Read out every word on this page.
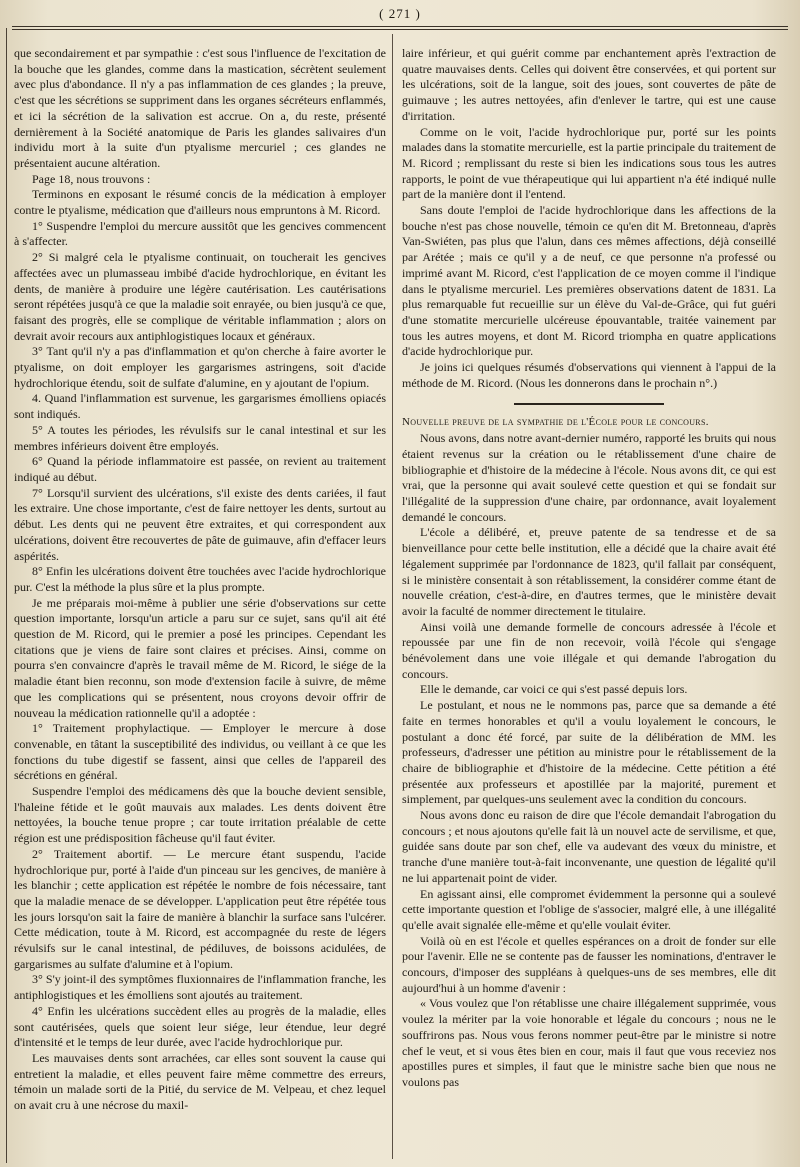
( 271 )

que secondairement et par sympathie : c'est sous l'influence de l'excitation de la bouche que les glandes, comme dans la mastication, sécrètent seulement avec plus d'abondance. Il n'y a pas inflammation de ces glandes ; la preuve, c'est que les sécrétions se suppriment dans les organes sécréteurs enflammés, et ici la sécrétion de la salivation est accrue. On a, du reste, présenté dernièrement à la Société anatomique de Paris les glandes salivaires d'un individu mort à la suite d'un ptyalisme mercuriel ; ces glandes ne présentaient aucune altération.

Page 18, nous trouvons :

Terminons en exposant le résumé concis de la médication à employer contre le ptyalisme, médication que d'ailleurs nous empruntons à M. Ricord.

1° Suspendre l'emploi du mercure aussitôt que les gencives commencent à s'affecter.

2° Si malgré cela le ptyalisme continuait, on toucherait les gencives affectées avec un plumasseau imbibé d'acide hydrochlorique, en évitant les dents, de manière à produire une légère cautérisation. Les cautérisations seront répétées jusqu'à ce que la maladie soit enrayée, ou bien jusqu'à ce que, faisant des progrès, elle se complique de véritable inflammation ; alors on devrait avoir recours aux antiphlogistiques locaux et généraux.

3° Tant qu'il n'y a pas d'inflammation et qu'on cherche à faire avorter le ptyalisme, on doit employer les gargarismes astringens, soit d'acide hydrochlorique étendu, soit de sulfate d'alumine, en y ajoutant de l'opium.

4. Quand l'inflammation est survenue, les gargarismes émolliens opiacés sont indiqués.

5° A toutes les périodes, les révulsifs sur le canal intestinal et sur les membres inférieurs doivent être employés.

6° Quand la période inflammatoire est passée, on revient au traitement indiqué au début.

7° Lorsqu'il survient des ulcérations, s'il existe des dents cariées, il faut les extraire. Une chose importante, c'est de faire nettoyer les dents, surtout au début. Les dents qui ne peuvent être extraites, et qui correspondent aux ulcérations, doivent être recouvertes de pâte de guimauve, afin d'effacer leurs aspérités.

8° Enfin les ulcérations doivent être touchées avec l'acide hydrochlorique pur. C'est la méthode la plus sûre et la plus prompte.

Je me préparais moi-même à publier une série d'observations sur cette question importante, lorsqu'un article a paru sur ce sujet, sans qu'il ait été question de M. Ricord, qui le premier a posé les principes. Cependant les citations que je viens de faire sont claires et précises. Ainsi, comme on pourra s'en convaincre d'après le travail même de M. Ricord, le siége de la maladie étant bien reconnu, son mode d'extension facile à suivre, de même que les complications qui se présentent, nous croyons devoir offrir de nouveau la médication rationnelle qu'il a adoptée :

1° Traitement prophylactique. — Employer le mercure à dose convenable, en tâtant la susceptibilité des individus, ou veillant à ce que les fonctions du tube digestif se fassent, ainsi que celles de l'appareil des sécrétions en général.

Suspendre l'emploi des médicamens dès que la bouche devient sensible, l'haleine fétide et le goût mauvais aux malades. Les dents doivent être nettoyées, la bouche tenue propre ; car toute irritation préalable de cette région est une prédisposition fâcheuse qu'il faut éviter.

2° Traitement abortif. — Le mercure étant suspendu, l'acide hydrochlorique pur, porté à l'aide d'un pinceau sur les gencives, de manière à les blanchir ; cette application est répétée le nombre de fois nécessaire, tant que la maladie menace de se développer. L'application peut être répétée tous les jours lorsqu'on sait la faire de manière à blanchir la surface sans l'ulcérer. Cette médication, toute à M. Ricord, est accompagnée du reste de légers révulsifs sur le canal intestinal, de pédiluves, de boissons acidulées, de gargarismes au sulfate d'alumine et à l'opium.

3° S'y joint-il des symptômes fluxionnaires de l'inflammation franche, les antiphlogistiques et les émolliens sont ajoutés au traitement.

4° Enfin les ulcérations succèdent elles au progrès de la maladie, elles sont cautérisées, quels que soient leur siége, leur étendue, leur degré d'intensité et le temps de leur durée, avec l'acide hydrochlorique pur.

Les mauvaises dents sont arrachées, car elles sont souvent la cause qui entretient la maladie, et elles peuvent faire même commettre des erreurs, témoin un malade sorti de la Pitié, du service de M. Velpeau, et chez lequel on avait cru à une nécrose du maxil-

laire inférieur, et qui guérit comme par enchantement après l'extraction de quatre mauvaises dents. Celles qui doivent être conservées, et qui portent sur les ulcérations, soit de la langue, soit des joues, sont couvertes de pâte de guimauve ; les autres nettoyées, afin d'enlever le tartre, qui est une cause d'irritation.

Comme on le voit, l'acide hydrochlorique pur, porté sur les points malades dans la stomatite mercurielle, est la partie principale du traitement de M. Ricord ; remplissant du reste si bien les indications sous tous les autres rapports, le point de vue thérapeutique qui lui appartient n'a été indiqué nulle part de la manière dont il l'entend.

Sans doute l'emploi de l'acide hydrochlorique dans les affections de la bouche n'est pas chose nouvelle, témoin ce qu'en dit M. Bretonneau, d'après Van-Swiéten, pas plus que l'alun, dans ces mêmes affections, déjà conseillé par Arétée ; mais ce qu'il y a de neuf, ce que personne n'a professé ou imprimé avant M. Ricord, c'est l'application de ce moyen comme il l'indique dans le ptyalisme mercuriel. Les premières observations datent de 1831. La plus remarquable fut recueillie sur un élève du Val-de-Grâce, qui fut guéri d'une stomatite mercurielle ulcéreuse épouvantable, traitée vainement par tous les autres moyens, et dont M. Ricord triompha en quatre applications d'acide hydrochlorique pur.

Je joins ici quelques résumés d'observations qui viennent à l'appui de la méthode de M. Ricord. (Nous les donnerons dans le prochain n°.)

Nouvelle preuve de la sympathie de l'École pour le concours.

Nous avons, dans notre avant-dernier numéro, rapporté les bruits qui nous étaient revenus sur la création ou le rétablissement d'une chaire de bibliographie et d'histoire de la médecine à l'école. Nous avons dit, ce qui est vrai, que la personne qui avait soulevé cette question et qui se fondait sur l'illégalité de la suppression d'une chaire, par ordonnance, avait loyalement demandé le concours.

L'école a délibéré, et, preuve patente de sa tendresse et de sa bienveillance pour cette belle institution, elle a décidé que la chaire avait été légalement supprimée par l'ordonnance de 1823, qu'il fallait par conséquent, si le ministère consentait à son rétablissement, la considérer comme étant de nouvelle création, c'est-à-dire, en d'autres termes, que le ministère devait avoir la faculté de nommer directement le titulaire.

Ainsi voilà une demande formelle de concours adressée à l'école et repoussée par une fin de non recevoir, voilà l'école qui s'engage bénévolement dans une voie illégale et qui demande l'abrogation du concours.

Elle le demande, car voici ce qui s'est passé depuis lors.

Le postulant, et nous ne le nommons pas, parce que sa demande a été faite en termes honorables et qu'il a voulu loyalement le concours, le postulant a donc été forcé, par suite de la délibération de MM. les professeurs, d'adresser une pétition au ministre pour le rétablissement de la chaire de bibliographie et d'histoire de la médecine. Cette pétition a été présentée aux professeurs et apostillée par la majorité, purement et simplement, par quelques-uns seulement avec la condition du concours.

Nous avons donc eu raison de dire que l'école demandait l'abrogation du concours ; et nous ajoutons qu'elle fait là un nouvel acte de servilisme, et que, guidée sans doute par son chef, elle va audevant des vœux du ministre, et tranche d'une manière tout-à-fait inconvenante, une question de légalité qu'il ne lui appartenait point de vider.

En agissant ainsi, elle compromet évidemment la personne qui a soulevé cette importante question et l'oblige de s'associer, malgré elle, à une illégalité qu'elle avait signalée elle-même et qu'elle voulait éviter.

Voilà où en est l'école et quelles espérances on a droit de fonder sur elle pour l'avenir. Elle ne se contente pas de fausser les nominations, d'entraver le concours, d'imposer des suppléans à quelques-uns de ses membres, elle dit aujourd'hui à un homme d'avenir :

« Vous voulez que l'on rétablisse une chaire illégalement supprimée, vous voulez la mériter par la voie honorable et légale du concours ; nous ne le souffrirons pas. Nous vous ferons nommer peut-être par le ministre si notre chef le veut, et si vous êtes bien en cour, mais il faut que vous receviez nos apostilles pures et simples, il faut que le ministre sache bien que nous ne voulons pas
